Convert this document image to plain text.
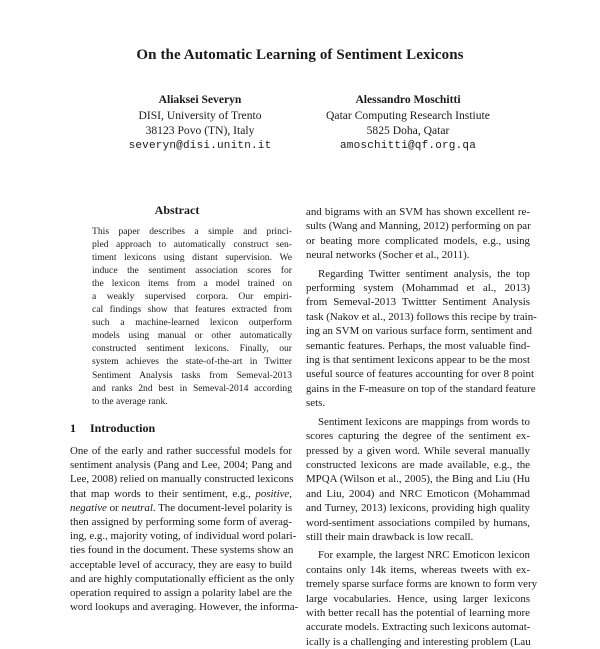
On the Automatic Learning of Sentiment Lexicons
Aliaksei Severyn
DISI, University of Trento
38123 Povo (TN), Italy
severyn@disi.unitn.it
Alessandro Moschitti
Qatar Computing Research Instiute
5825 Doha, Qatar
amoschitti@qf.org.qa
Abstract
This paper describes a simple and princi-
pled approach to automatically construct sen-
timent lexicons using distant supervision. We
induce the sentiment association scores for
the lexicon items from a model trained on
a weakly supervised corpora. Our empiri-
cal findings show that features extracted from
such a machine-learned lexicon outperform
models using manual or other automatically
constructed sentiment lexicons. Finally, our
system achieves the state-of-the-art in Twitter
Sentiment Analysis tasks from Semeval-2013
and ranks 2nd best in Semeval-2014 according
to the average rank.
1 Introduction
One of the early and rather successful models for
sentiment analysis (Pang and Lee, 2004; Pang and
Lee, 2008) relied on manually constructed lexicons
that map words to their sentiment, e.g., positive,
negative or neutral. The document-level polarity is
then assigned by performing some form of averag-
ing, e.g., majority voting, of individual word polari-
ties found in the document. These systems show an
acceptable level of accuracy, they are easy to build
and are highly computationally efficient as the only
operation required to assign a polarity label are the
word lookups and averaging. However, the informa-
and bigrams with an SVM has shown excellent re-
sults (Wang and Manning, 2012) performing on par
or beating more complicated models, e.g., using
neural networks (Socher et al., 2011).
Regarding Twitter sentiment analysis, the top
performing system (Mohammad et al., 2013)
from Semeval-2013 Twittter Sentiment Analysis
task (Nakov et al., 2013) follows this recipe by train-
ing an SVM on various surface form, sentiment and
semantic features. Perhaps, the most valuable find-
ing is that sentiment lexicons appear to be the most
useful source of features accounting for over 8 point
gains in the F-measure on top of the standard feature
sets.
Sentiment lexicons are mappings from words to
scores capturing the degree of the sentiment ex-
pressed by a given word. While several manually
constructed lexicons are made available, e.g., the
MPQA (Wilson et al., 2005), the Bing and Liu (Hu
and Liu, 2004) and NRC Emoticon (Mohammad
and Turney, 2013) lexicons, providing high quality
word-sentiment associations compiled by humans,
still their main drawback is low recall.
For example, the largest NRC Emoticon lexicon
contains only 14k items, whereas tweets with ex-
tremely sparse surface forms are known to form very
large vocabularies. Hence, using larger lexicons
with better recall has the potential of learning more
accurate models. Extracting such lexicons automat-
ically is a challenging and interesting problem (Lau
